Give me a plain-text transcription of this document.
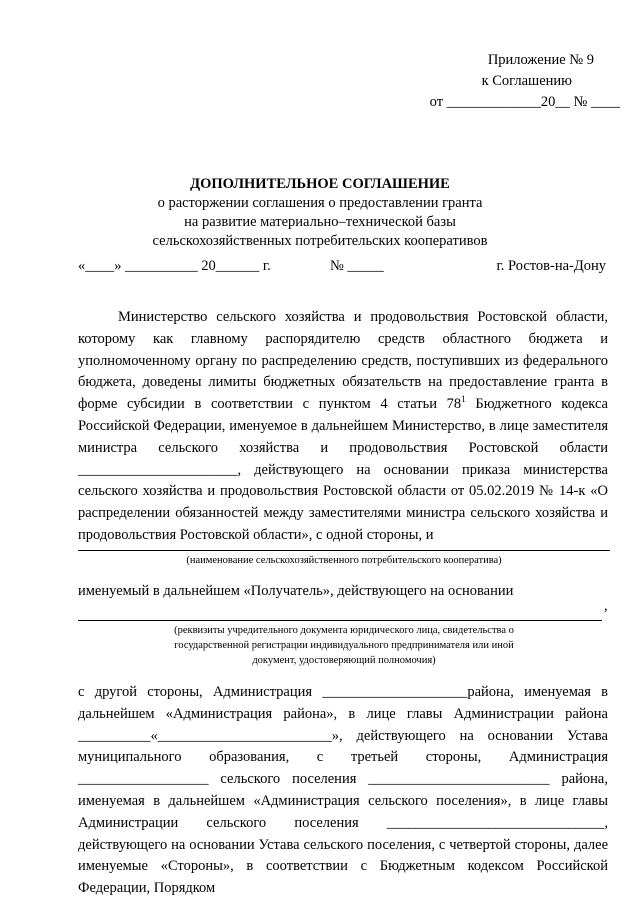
Приложение № 9
к Соглашению
от _____________20__ № ____
ДОПОЛНИТЕЛЬНОЕ СОГЛАШЕНИЕ
о расторжении соглашения о предоставлении гранта
на развитие материально–технической базы
сельскохозяйственных потребительских кооперативов
«____» __________ 20______ г.	№ _____	г. Ростов-на-Дону

Министерство сельского хозяйства и продовольствия Ростовской области, которому как главному распорядителю средств областного бюджета и уполномоченному органу по распределению средств, поступивших из федерального бюджета, доведены лимиты бюджетных обязательств на предоставление гранта в форме субсидии в соответствии с пунктом 4 статьи $78^1$ Бюджетного кодекса Российской Федерации, именуемое в дальнейшем Министерство, в лице заместителя министра сельского хозяйства и продовольствия Ростовской области ______________________, действующего на основании приказа министерства сельского хозяйства и продовольствия Ростовской области от 05.02.2019 № 14-к «О распределении обязанностей между заместителями министра сельского хозяйства и продовольствия Ростовской области», с одной стороны, и

(наименование сельскохозяйственного потребительского кооператива)
именуемый в дальнейшем «Получатель», действующего на основании
,
(реквизиты учредительного документа юридического лица, свидетельства о
государственной регистрации индивидуального предпринимателя или иной
документ, удостоверяющий полномочия)

с другой стороны, Администрация ____________________района, именуемая в дальнейшем «Администрация района», в лице главы Администрации района __________«________________________», действующего на основании Устава муниципального образования, с третьей стороны, Администрация __________________ сельского поселения _________________________ района, именуемая в дальнейшем «Администрация сельского поселения», в лице главы Администрации сельского поселения ______________________________, действующего на основании Устава сельского поселения, с четвертой стороны, далее именуемые «Стороны», в соответствии с Бюджетным кодексом Российской Федерации, Порядком
